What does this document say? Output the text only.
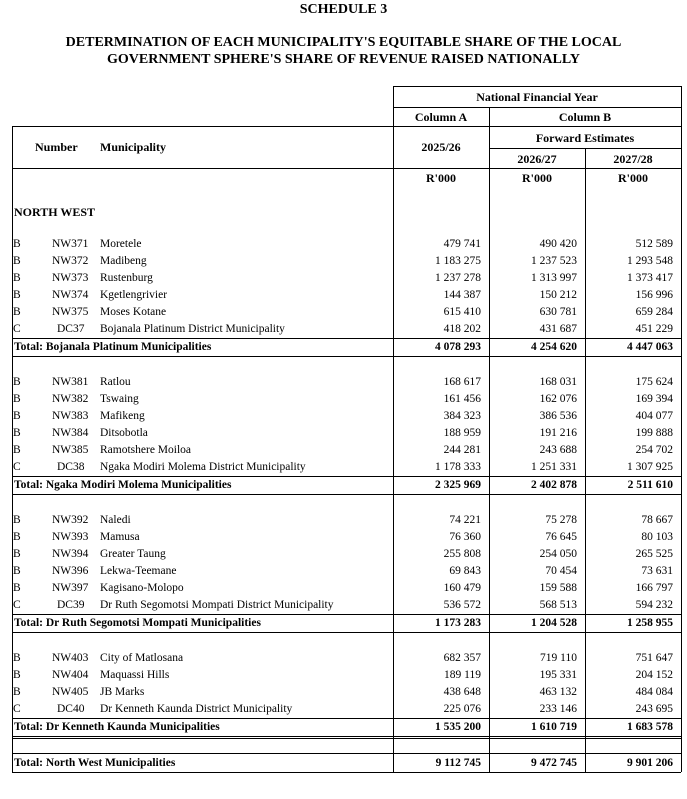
SCHEDULE 3
DETERMINATION OF EACH MUNICIPALITY'S EQUITABLE SHARE OF THE LOCAL
GOVERNMENT SPHERE'S SHARE OF REVENUE RAISED NATIONALLY
National Financial Year
Column A	Column B
Number Municipality
Forward Estimates
2025/26
2026/27	2027/28
R'000	R'000	R'000
NORTH WEST
B	NW371 Moretele	479 741	490 420	512 589
B	NW372 Madibeng	1 183 275	1 237 523	1 293 548
B	NW373 Rustenburg	1 237 278	1 313 997	1 373 417
B	NW374 Kgetlengrivier	144 387	150 212	156 996
B	NW375 Moses Kotane	615 410	630 781	659 284
C	DC37 Bojanala Platinum District Municipality	418 202	431 687	451 229
Total: Bojanala Platinum Municipalities	4 078 293	4 254 620	4 447 063
B	NW381 Ratlou	168 617	168 031	175 624
B	NW382 Tswaing	161 456	162 076	169 394
B	NW383 Mafikeng	384 323	386 536	404 077
B	NW384 Ditsobotla	188 959	191 216	199 888
B	NW385 Ramotshere Moiloa	244 281	243 688	254 702
C	DC38 Ngaka Modiri Molema District Municipality	1 178 333	1 251 331	1 307 925
Total: Ngaka Modiri Molema Municipalities	2 325 969	2 402 878	2 511 610
B	NW392 Naledi	74 221	75 278	78 667
B	NW393 Mamusa	76 360	76 645	80 103
B	NW394 Greater Taung	255 808	254 050	265 525
B	NW396 Lekwa-Teemane	69 843	70 454	73 631
B	NW397 Kagisano-Molopo	160 479	159 588	166 797
C	DC39 Dr Ruth Segomotsi Mompati District Municipality	536 572	568 513	594 232
Total: Dr Ruth Segomotsi Mompati Municipalities	1 173 283	1 204 528	1 258 955
B	NW403 City of Matlosana	682 357	719 110	751 647
B	NW404 Maquassi Hills	189 119	195 331	204 152
B	NW405 JB Marks	438 648	463 132	484 084
C	DC40 Dr Kenneth Kaunda District Municipality	225 076	233 146	243 695
Total: Dr Kenneth Kaunda Municipalities	1 535 200	1 610 719	1 683 578
Total: North West Municipalities	9 112 745	9 472 745	9 901 206
